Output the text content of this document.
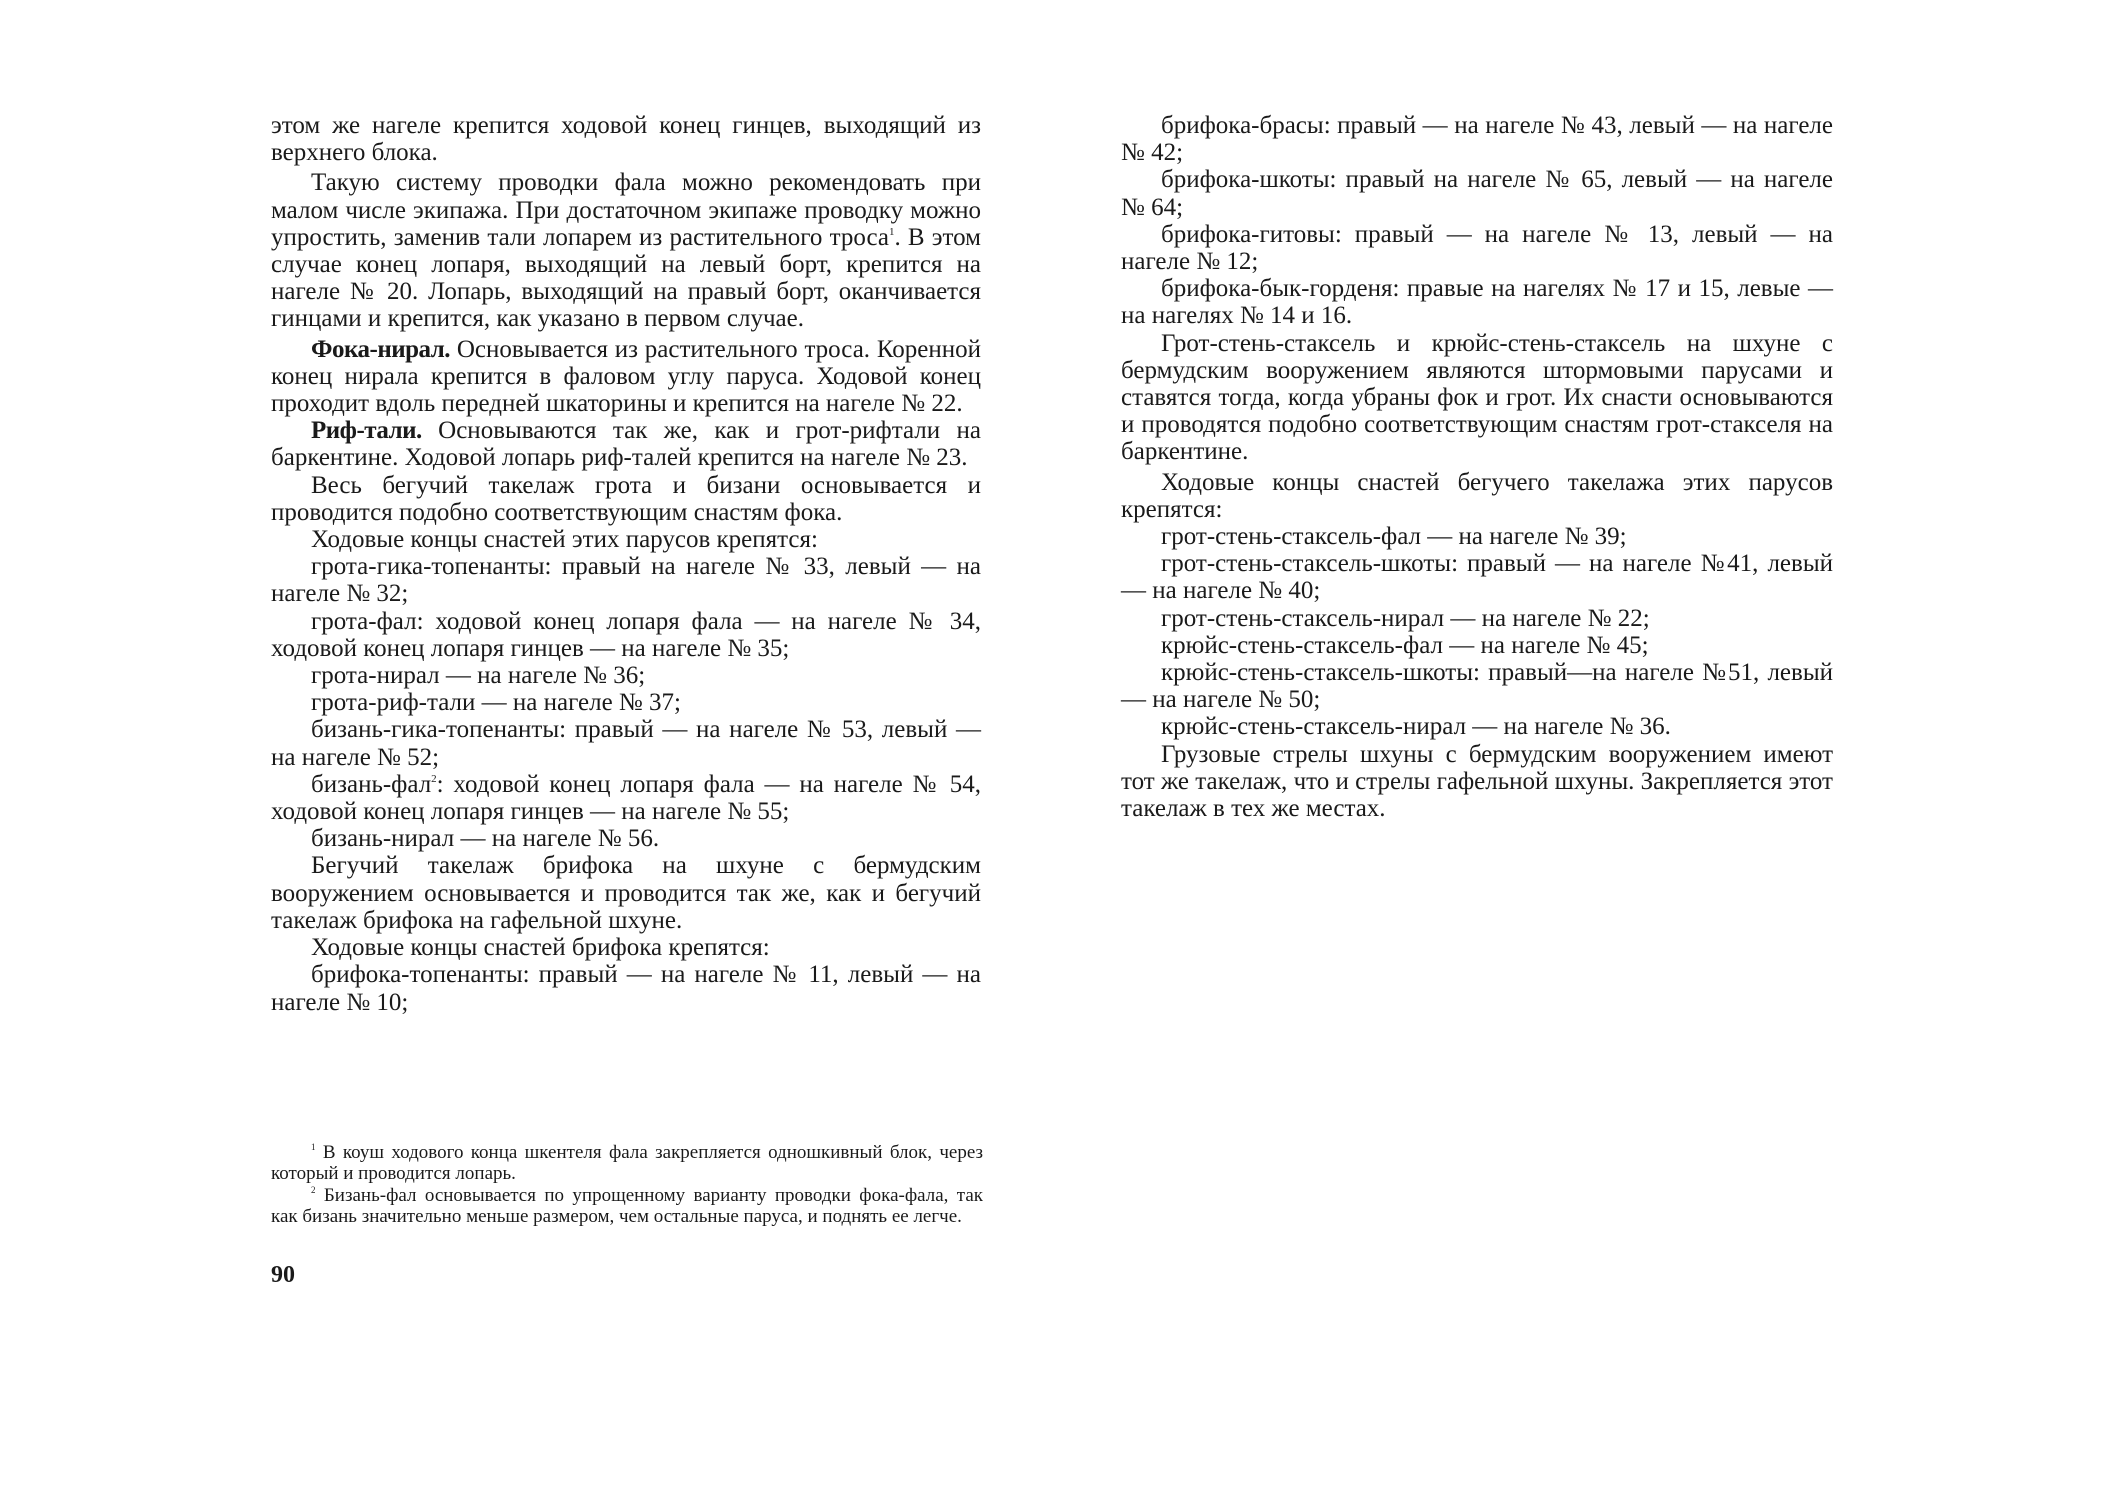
этом же нагеле крепится ходовой конец гинцев, выходящий из верхнего блока.

Такую систему проводки фала можно рекомендовать при малом числе экипажа. При достаточном экипаже проводку можно упростить, заменив тали лопарем из растительного троса$^1$. В этом случае конец лопаря, выходящий на левый борт, крепится на нагеле № 20. Лопарь, выходящий на правый борт, оканчивается гинцами и крепится, как указано в первом случае.

Фока-нирал. Основывается из растительного троса. Коренной конец нирала крепится в фаловом углу паруса. Ходовой конец проходит вдоль передней шкаторины и крепится на нагеле № 22.

Риф-тали. Основываются так же, как и грот-рифтали на баркентине. Ходовой лопарь риф-талей крепится на нагеле № 23.

Весь бегучий такелаж грота и бизани основывается и проводится подобно соответствующим снастям фока.

Ходовые концы снастей этих парусов крепятся:

грота-гика-топенанты: правый на нагеле № 33, левый — на нагеле № 32;

грота-фал: ходовой конец лопаря фала — на нагеле № 34, ходовой конец лопаря гинцев — на нагеле № 35;

грота-нирал — на нагеле № 36;

грота-риф-тали — на нагеле № 37;

бизань-гика-топенанты: правый — на нагеле № 53, левый — на нагеле № 52;

бизань-фал$^2$: ходовой конец лопаря фала — на нагеле № 54, ходовой конец лопаря гинцев — на нагеле № 55;

бизань-нирал — на нагеле № 56.

Бегучий такелаж брифока на шхуне с бермудским вооружением основывается и проводится так же, как и бегучий такелаж брифока на гафельной шхуне.

Ходовые концы снастей брифока крепятся:

брифока-топенанты: правый — на нагеле № 11, левый — на нагеле № 10;

$^1$ В коуш ходового конца шкентеля фала закрепляется одношкивный блок, через который и проводится лопарь.

$^2$ Бизань-фал основывается по упрощенному варианту проводки фока-фала, так как бизань значительно меньше размером, чем остальные паруса, и поднять ее легче.

90

брифока-брасы: правый — на нагеле № 43, левый — на нагеле № 42;

брифока-шкоты: правый на нагеле № 65, левый — на нагеле № 64;

брифока-гитовы: правый — на нагеле № 13, левый — на нагеле № 12;

брифока-бык-горденя: правые на нагелях № 17 и 15, левые — на нагелях № 14 и 16.

Грот-стень-стаксель и крюйс-стень-стаксель на шхуне с бермудским вооружением являются штормовыми парусами и ставятся тогда, когда убраны фок и грот. Их снасти основываются и проводятся подобно соответствующим снастям грот-стакселя на баркентине.

Ходовые концы снастей бегучего такелажа этих парусов крепятся:

грот-стень-стаксель-фал — на нагеле № 39;

грот-стень-стаксель-шкоты: правый — на нагеле №41, левый — на нагеле № 40;

грот-стень-стаксель-нирал — на нагеле № 22;

крюйс-стень-стаксель-фал — на нагеле № 45;

крюйс-стень-стаксель-шкоты: правый—на нагеле №51, левый — на нагеле № 50;

крюйс-стень-стаксель-нирал — на нагеле № 36.

Грузовые стрелы шхуны с бермудским вооружением имеют тот же такелаж, что и стрелы гафельной шхуны. Закрепляется этот такелаж в тех же местах.
